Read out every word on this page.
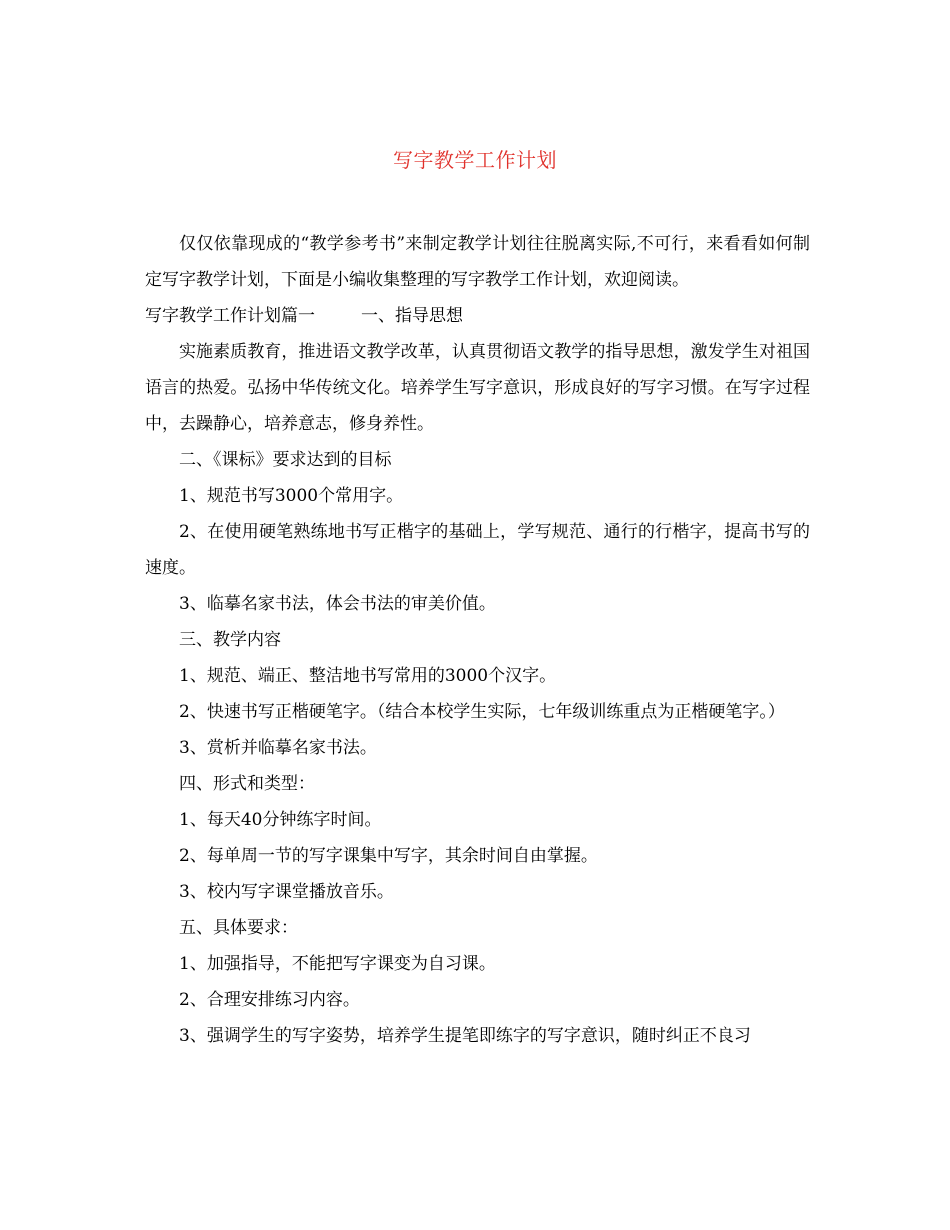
写字教学工作计划

仅仅依靠现成的“教学参考书”来制定教学计划往往脱离实际,不可行，来看看如何制定写字教学计划，下面是小编收集整理的写字教学工作计划，欢迎阅读。

写字教学工作计划篇一	一、指导思想

实施素质教育，推进语文教学改革，认真贯彻语文教学的指导思想，激发学生对祖国语言的热爱。弘扬中华传统文化。培养学生写字意识，形成良好的写字习惯。在写字过程中，去躁静心，培养意志，修身养性。

二、《课标》要求达到的目标

1、规范书写3000个常用字。

2、在使用硬笔熟练地书写正楷字的基础上，学写规范、通行的行楷字，提高书写的速度。

3、临摹名家书法，体会书法的审美价值。

三、教学内容

1、规范、端正、整洁地书写常用的3000个汉字。

2、快速书写正楷硬笔字。（结合本校学生实际，七年级训练重点为正楷硬笔字。）

3、赏析并临摹名家书法。

四、形式和类型：

1、每天40分钟练字时间。

2、每单周一节的写字课集中写字，其余时间自由掌握。

3、校内写字课堂播放音乐。

五、具体要求：

1、加强指导，不能把写字课变为自习课。

2、合理安排练习内容。

3、强调学生的写字姿势，培养学生提笔即练字的写字意识，随时纠正不良习
